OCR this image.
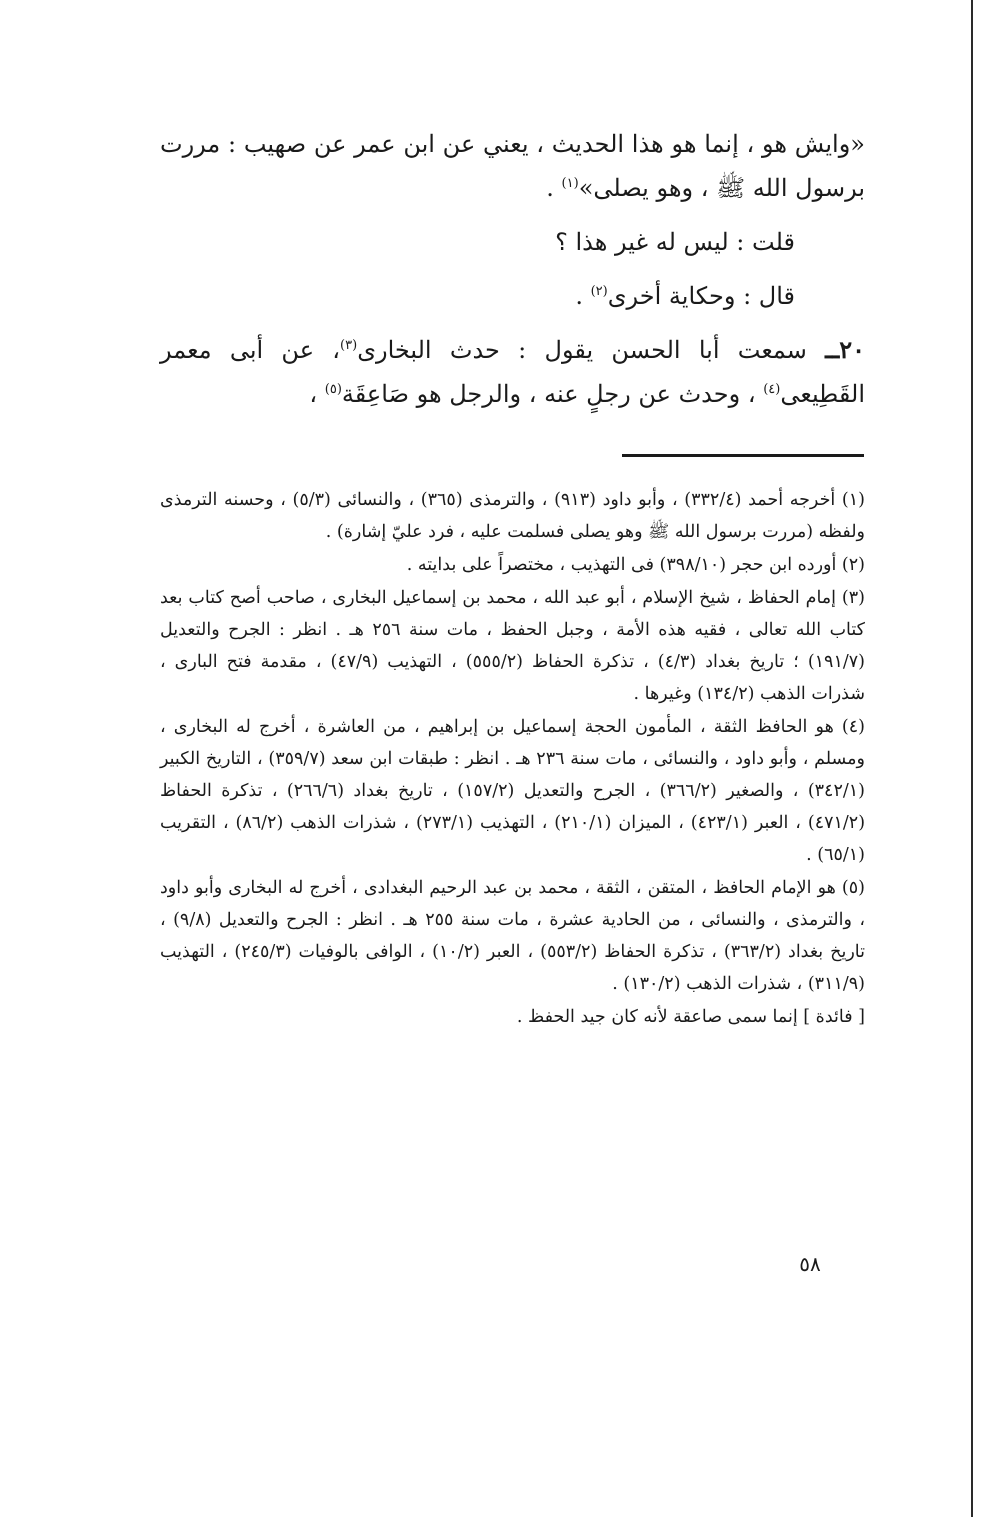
«وايش هو ، إنما هو هذا الحديث ، يعني عن ابن عمر عن صهيب : مررت برسول الله ﷺ ، وهو يصلى»$^{(١)}$ .

قلت : ليس له غير هذا ؟

قال : وحكاية أخرى$^{(٢)}$ .

٢٠ــ سمعت أبا الحسن يقول : حدث البخارى$^{(٣)}$، عن أبى معمر القَطِيعى$^{(٤)}$ ، وحدث عن رجلٍ عنه ، والرجل هو صَاعِقَة$^{(٥)}$ ،

(١) أخرجه أحمد (٣٣٢/٤) ، وأبو داود (٩١٣) ، والترمذى (٣٦٥) ، والنسائى (٥/٣) ، وحسنه الترمذى ولفظه (مررت برسول الله ﷺ وهو يصلى فسلمت عليه ، فرد عليّ إشارة) .

(٢) أورده ابن حجر (٣٩٨/١٠) فى التهذيب ، مختصراً على بدايته .

(٣) إمام الحفاظ ، شيخ الإسلام ، أبو عبد الله ، محمد بن إسماعيل البخارى ، صاحب أصح كتاب بعد كتاب الله تعالى ، فقيه هذه الأمة ، وجبل الحفظ ، مات سنة ٢٥٦ هـ . انظر : الجرح والتعديل (١٩١/٧) ؛ تاريخ بغداد (٤/٣) ، تذكرة الحفاظ (٥٥٥/٢) ، التهذيب (٤٧/٩) ، مقدمة فتح البارى ، شذرات الذهب (١٣٤/٢) وغيرها .

(٤) هو الحافظ الثقة ، المأمون الحجة إسماعيل بن إبراهيم ، من العاشرة ، أخرج له البخارى ، ومسلم ، وأبو داود ، والنسائى ، مات سنة ٢٣٦ هـ . انظر : طبقات ابن سعد (٣٥٩/٧) ، التاريخ الكبير (٣٤٢/١) ، والصغير (٣٦٦/٢) ، الجرح والتعديل (١٥٧/٢) ، تاريخ بغداد (٢٦٦/٦) ، تذكرة الحفاظ (٤٧١/٢) ، العبر (٤٢٣/١) ، الميزان (٢١٠/١) ، التهذيب (٢٧٣/١) ، شذرات الذهب (٨٦/٢) ، التقريب (٦٥/١) .

(٥) هو الإمام الحافظ ، المتقن ، الثقة ، محمد بن عبد الرحيم البغدادى ، أخرج له البخارى وأبو داود ، والترمذى ، والنسائى ، من الحادية عشرة ، مات سنة ٢٥٥ هـ . انظر : الجرح والتعديل (٩/٨) ، تاريخ بغداد (٣٦٣/٢) ، تذكرة الحفاظ (٥٥٣/٢) ، العبر (١٠/٢) ، الوافى بالوفيات (٢٤٥/٣) ، التهذيب (٣١١/٩) ، شذرات الذهب (١٣٠/٢) .

[ فائدة ] إنما سمى صاعقة لأنه كان جيد الحفظ .

٥٨
